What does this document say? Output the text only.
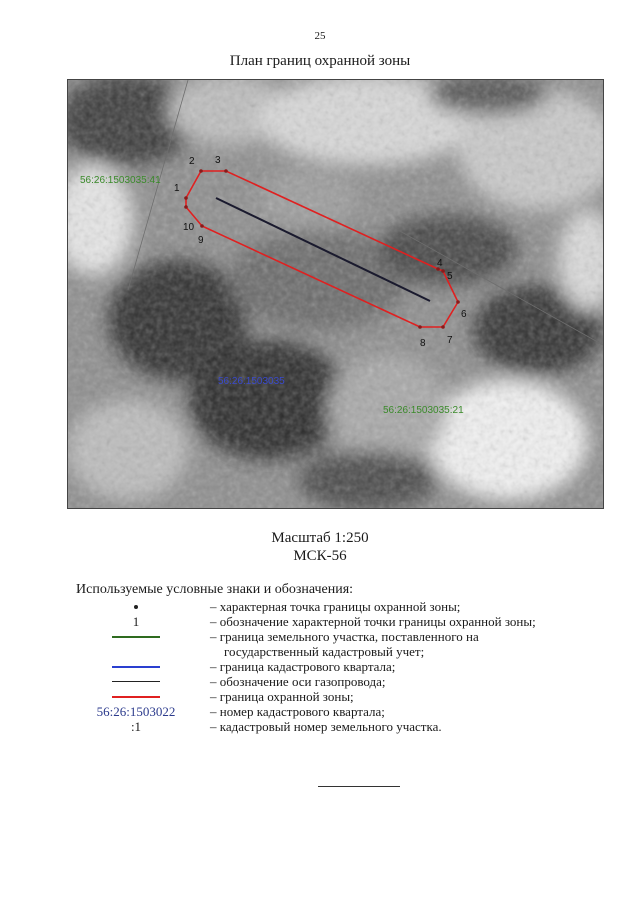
25
План границ охранной зоны
1
2 3
4
5
6
7
8
9
10
56:26:1503035:41
56:26:1503035
56:26:1503035:21
Масштаб 1:250
МСК-56
Используемые условные знаки и обозначения:
– характерная точка границы охранной зоны;
1	– обозначение характерной точки границы охранной зоны;
– граница земельного участка, поставленного на
государственный кадастровый учет;
– граница кадастрового квартала;
– обозначение оси газопровода;
– граница охранной зоны;
56:26:1503022	– номер кадастрового квартала;
:1	– кадастровый номер земельного участка.
